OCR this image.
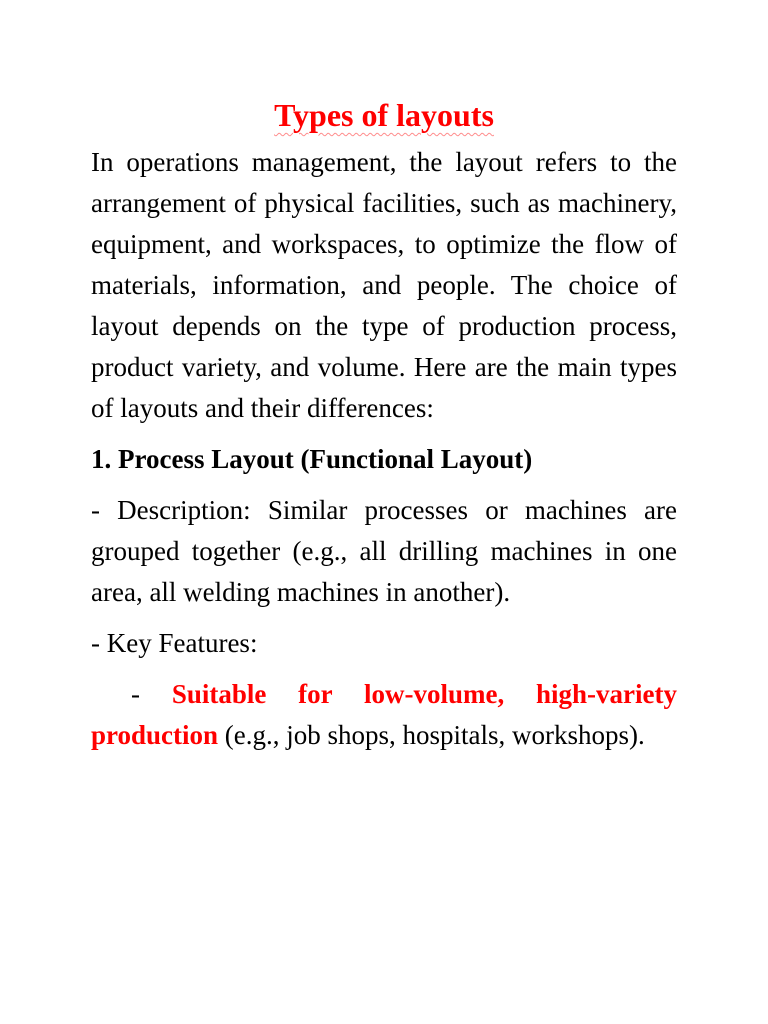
Types of layouts

In operations management, the layout refers to the arrangement of physical facilities, such as machinery, equipment, and workspaces, to optimize the flow of materials, information, and people. The choice of layout depends on the type of production process, product variety, and volume. Here are the main types of layouts and their differences:

1. Process Layout (Functional Layout)

- Description: Similar processes or machines are grouped together (e.g., all drilling machines in one area, all welding machines in another).

- Key Features:

- Suitable for low-volume, high-variety production (e.g., job shops, hospitals, workshops).
